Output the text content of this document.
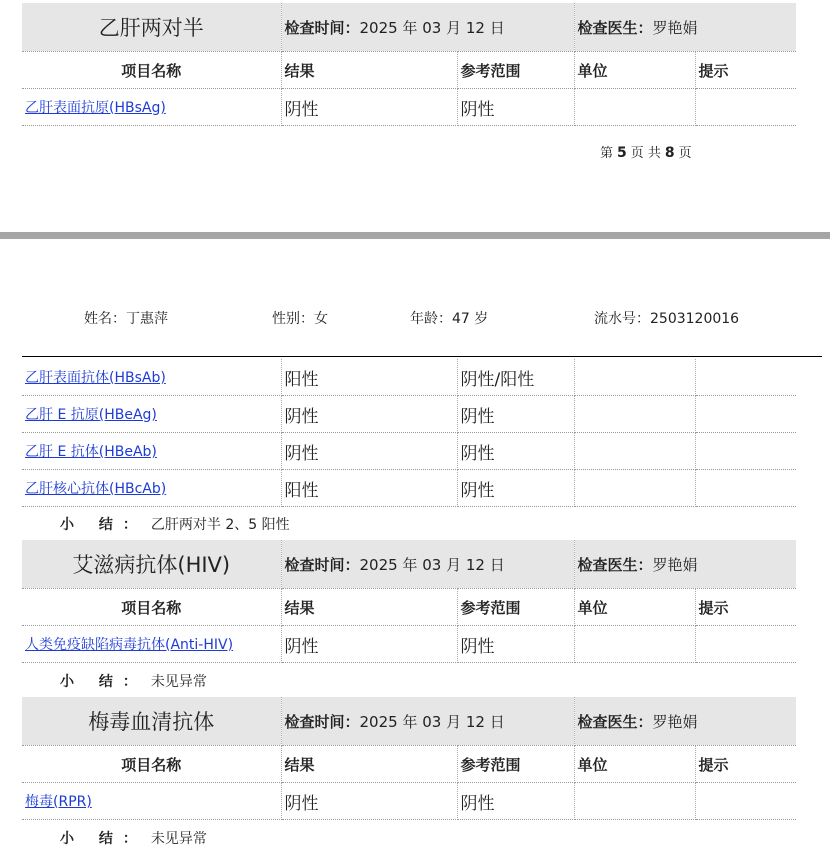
乙肝两对半	检查时间：2025 年 03 月 12 日		检查医生：罗艳娟	
项目名称	结果	参考范围	单位	提示
乙肝表面抗原(HBsAg)	阴性	阴性		
第 5 页 共 8 页
姓名：丁惠萍	性别：女	年龄：47 岁	流水号：2503120016
乙肝表面抗体(HBsAb)	阳性	阴性/阳性		
乙肝 E 抗原(HBeAg)	阴性	阴性		
乙肝 E 抗体(HBeAb)	阴性	阴性		
乙肝核心抗体(HBcAb)	阳性	阴性		
小 结： 乙肝两对半 2、5 阳性
艾滋病抗体(HIV)	检查时间：2025 年 03 月 12 日		检查医生：罗艳娟	
项目名称	结果	参考范围	单位	提示
人类免疫缺陷病毒抗体(Anti-HIV)	阴性	阴性		
小 结： 未见异常
梅毒血清抗体	检查时间：2025 年 03 月 12 日		检查医生：罗艳娟	
项目名称	结果	参考范围	单位	提示
梅毒(RPR)	阴性	阴性		
小 结： 未见异常
